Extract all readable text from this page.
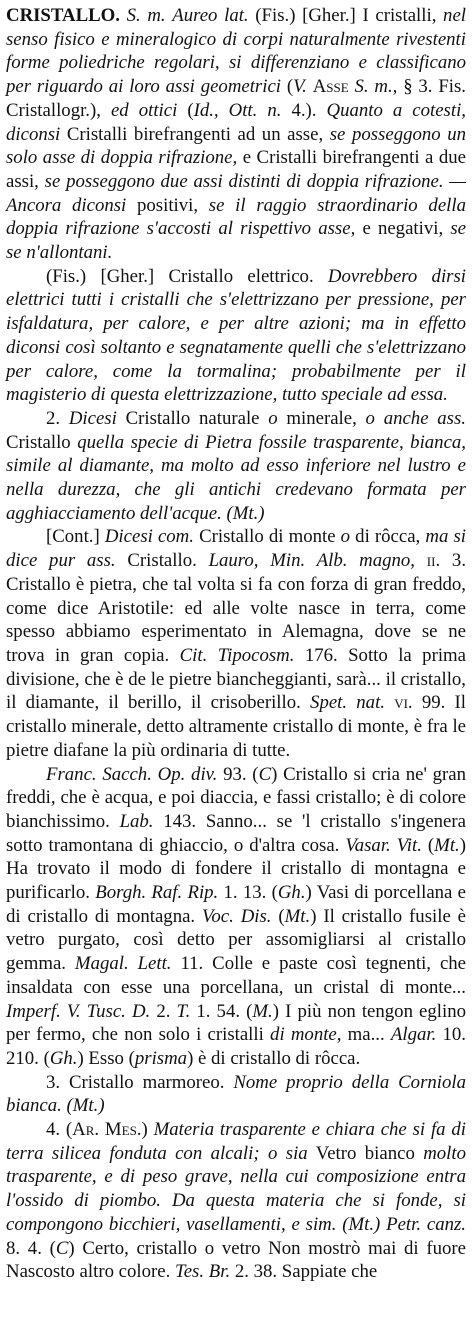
CRISTALLO. S. m. Aureo lat. (Fis.) [Gher.] I cristalli, nel senso fisico e mineralogico di corpi naturalmente rivestenti forme poliedriche regolari, si differenziano e classificano per riguardo ai loro assi geometrici (V. Asse S. m., § 3. Fis. Cristallogr.), ed ottici (Id., Ott. n. 4.). Quanto a cotesti, diconsi Cristalli birefrangenti ad un asse, se posseggono un solo asse di doppia rifrazione, e Cristalli birefrangenti a due assi, se posseggono due assi distinti di doppia rifrazione. — Ancora diconsi positivi, se il raggio straordinario della doppia rifrazione s'accosti al rispettivo asse, e negativi, se se n'allontani.

(Fis.) [Gher.] Cristallo elettrico. Dovrebbero dirsi elettrici tutti i cristalli che s'elettrizzano per pressione, per isfaldatura, per calore, e per altre azioni; ma in effetto diconsi così soltanto e segnatamente quelli che s'elettrizzano per calore, come la tormalina; probabilmente per il magisterio di questa elettrizzazione, tutto speciale ad essa.

2. Dicesi Cristallo naturale o minerale, o anche ass. Cristallo quella specie di Pietra fossile trasparente, bianca, simile al diamante, ma molto ad esso inferiore nel lustro e nella durezza, che gli antichi credevano formata per agghiacciamento dell'acque. (Mt.)

[Cont.] Dicesi com. Cristallo di monte o di rôcca, ma si dice pur ass. Cristallo. Lauro, Min. Alb. magno, ii. 3. Cristallo è pietra, che tal volta si fa con forza di gran freddo, come dice Aristotile: ed alle volte nasce in terra, come spesso abbiamo esperimentato in Alemagna, dove se ne trova in gran copia. Cit. Tipocosm. 176. Sotto la prima divisione, che è de le pietre biancheggianti, sarà... il cristallo, il diamante, il berillo, il crisoberillo. Spet. nat. vi. 99. Il cristallo minerale, detto altramente cristallo di monte, è fra le pietre diafane la più ordinaria di tutte.

Franc. Sacch. Op. div. 93. (C) Cristallo si cria ne' gran freddi, che è acqua, e poi diaccia, e fassi cristallo; è di colore bianchissimo. Lab. 143. Sanno... se 'l cristallo s'ingenera sotto tramontana di ghiaccio, o d'altra cosa. Vasar. Vit. (Mt.) Ha trovato il modo di fondere il cristallo di montagna e purificarlo. Borgh. Raf. Rip. 1. 13. (Gh.) Vasi di porcellana e di cristallo di montagna. Voc. Dis. (Mt.) Il cristallo fusile è vetro purgato, così detto per assomigliarsi al cristallo gemma. Magal. Lett. 11. Colle e paste così tegnenti, che insaldata con esse una porcellana, un cristal di monte... Imperf. V. Tusc. D. 2. T. 1. 54. (M.) I più non tengon eglino per fermo, che non solo i cristalli di monte, ma... Algar. 10. 210. (Gh.) Esso (prisma) è di cristallo di rôcca.

3. Cristallo marmoreo. Nome proprio della Corniola bianca. (Mt.)

4. (Ar. Mes.) Materia trasparente e chiara che si fa di terra silicea fonduta con alcali; o sia Vetro bianco molto trasparente, e di peso grave, nella cui composizione entra l'ossido di piombo. Da questa materia che si fonde, si compongono bicchieri, vasellamenti, e sim. (Mt.) Petr. canz. 8. 4. (C) Certo, cristallo o vetro Non mostrò mai di fuore Nascosto altro colore. Tes. Br. 2. 38. Sappiate che
